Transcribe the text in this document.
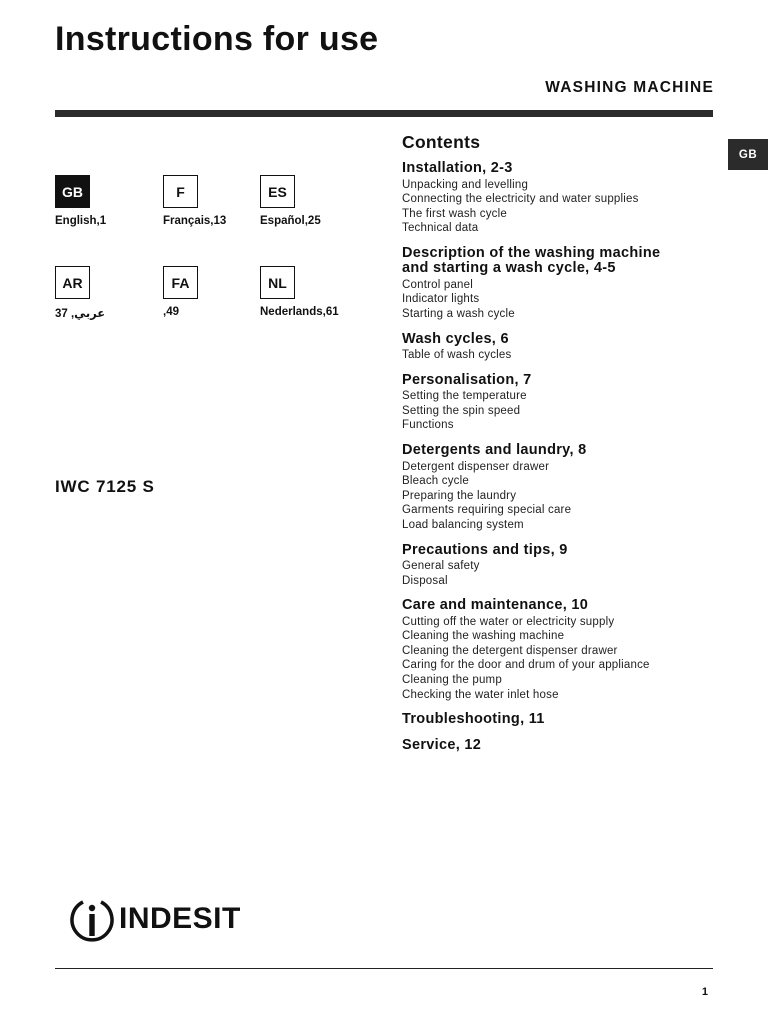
Instructions for use
WASHING MACHINE
GB
GB
English,1
F
Français,13
ES
Español,25
AR
عربي, 37
FA
,49
NL
Nederlands,61
IWC 7125 S
Contents
Installation, 2-3
Unpacking and levelling
Connecting the electricity and water supplies
The first wash cycle
Technical data
Description of the washing machine
and starting a wash cycle, 4-5
Control panel
Indicator lights
Starting a wash cycle
Wash cycles, 6
Table of wash cycles
Personalisation, 7
Setting the temperature
Setting the spin speed
Functions
Detergents and laundry, 8
Detergent dispenser drawer
Bleach cycle
Preparing the laundry
Garments requiring special care
Load balancing system
Precautions and tips, 9
General safety
Disposal
Care and maintenance, 10
Cutting off the water or electricity supply
Cleaning the washing machine
Cleaning the detergent dispenser drawer
Caring for the door and drum of your appliance
Cleaning the pump
Checking the water inlet hose
Troubleshooting, 11
Service, 12
INDESIT
1
